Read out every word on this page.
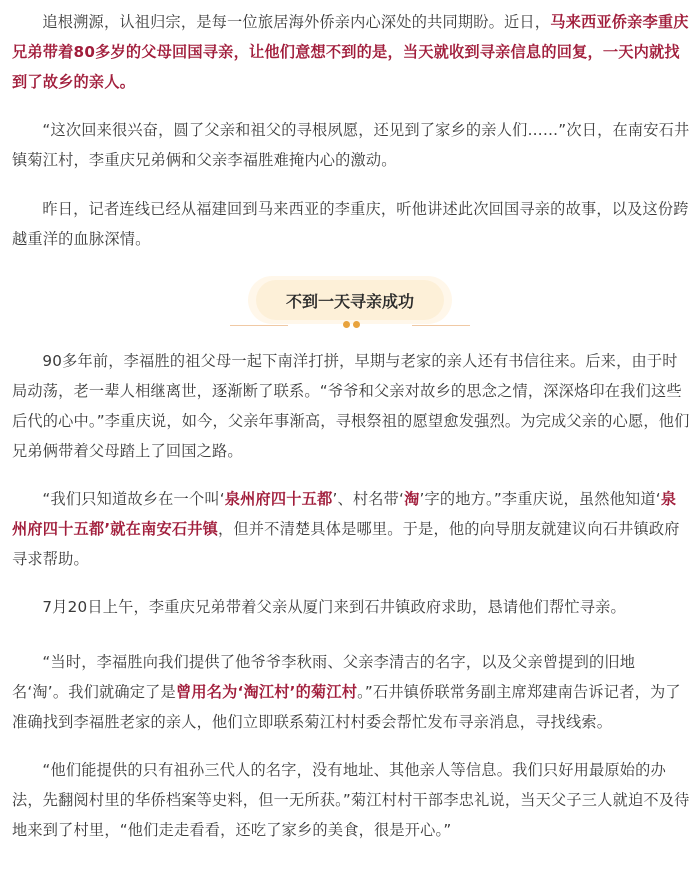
追根溯源，认祖归宗，是每一位旅居海外侨亲内心深处的共同期盼。近日，马来西亚侨亲李重庆兄弟带着80多岁的父母回国寻亲，让他们意想不到的是，当天就收到寻亲信息的回复，一天内就找到了故乡的亲人。

“这次回来很兴奋，圆了父亲和祖父的寻根夙愿，还见到了家乡的亲人们……”次日，在南安石井镇菊江村，李重庆兄弟俩和父亲李福胜难掩内心的激动。

昨日，记者连线已经从福建回到马来西亚的李重庆，听他讲述此次回国寻亲的故事，以及这份跨越重洋的血脉深情。

不到一天寻亲成功

90多年前，李福胜的祖父母一起下南洋打拼，早期与老家的亲人还有书信往来。后来，由于时局动荡，老一辈人相继离世，逐渐断了联系。“爷爷和父亲对故乡的思念之情，深深烙印在我们这些后代的心中。”李重庆说，如今，父亲年事渐高，寻根祭祖的愿望愈发强烈。为完成父亲的心愿，他们兄弟俩带着父母踏上了回国之路。

“我们只知道故乡在一个叫‘泉州府四十五都’、村名带‘淘’字的地方。”李重庆说，虽然他知道‘泉州府四十五都’就在南安石井镇，但并不清楚具体是哪里。于是，他的向导朋友就建议向石井镇政府寻求帮助。

7月20日上午，李重庆兄弟带着父亲从厦门来到石井镇政府求助，恳请他们帮忙寻亲。

“当时，李福胜向我们提供了他爷爷李秋雨、父亲李清吉的名字，以及父亲曾提到的旧地名‘淘’。我们就确定了是曾用名为‘淘江村’的菊江村。”石井镇侨联常务副主席郑建南告诉记者，为了准确找到李福胜老家的亲人，他们立即联系菊江村村委会帮忙发布寻亲消息，寻找线索。

“他们能提供的只有祖孙三代人的名字，没有地址、其他亲人等信息。我们只好用最原始的办法，先翻阅村里的华侨档案等史料，但一无所获。”菊江村村干部李忠礼说，当天父子三人就迫不及待地来到了村里，“他们走走看看，还吃了家乡的美食，很是开心。”
